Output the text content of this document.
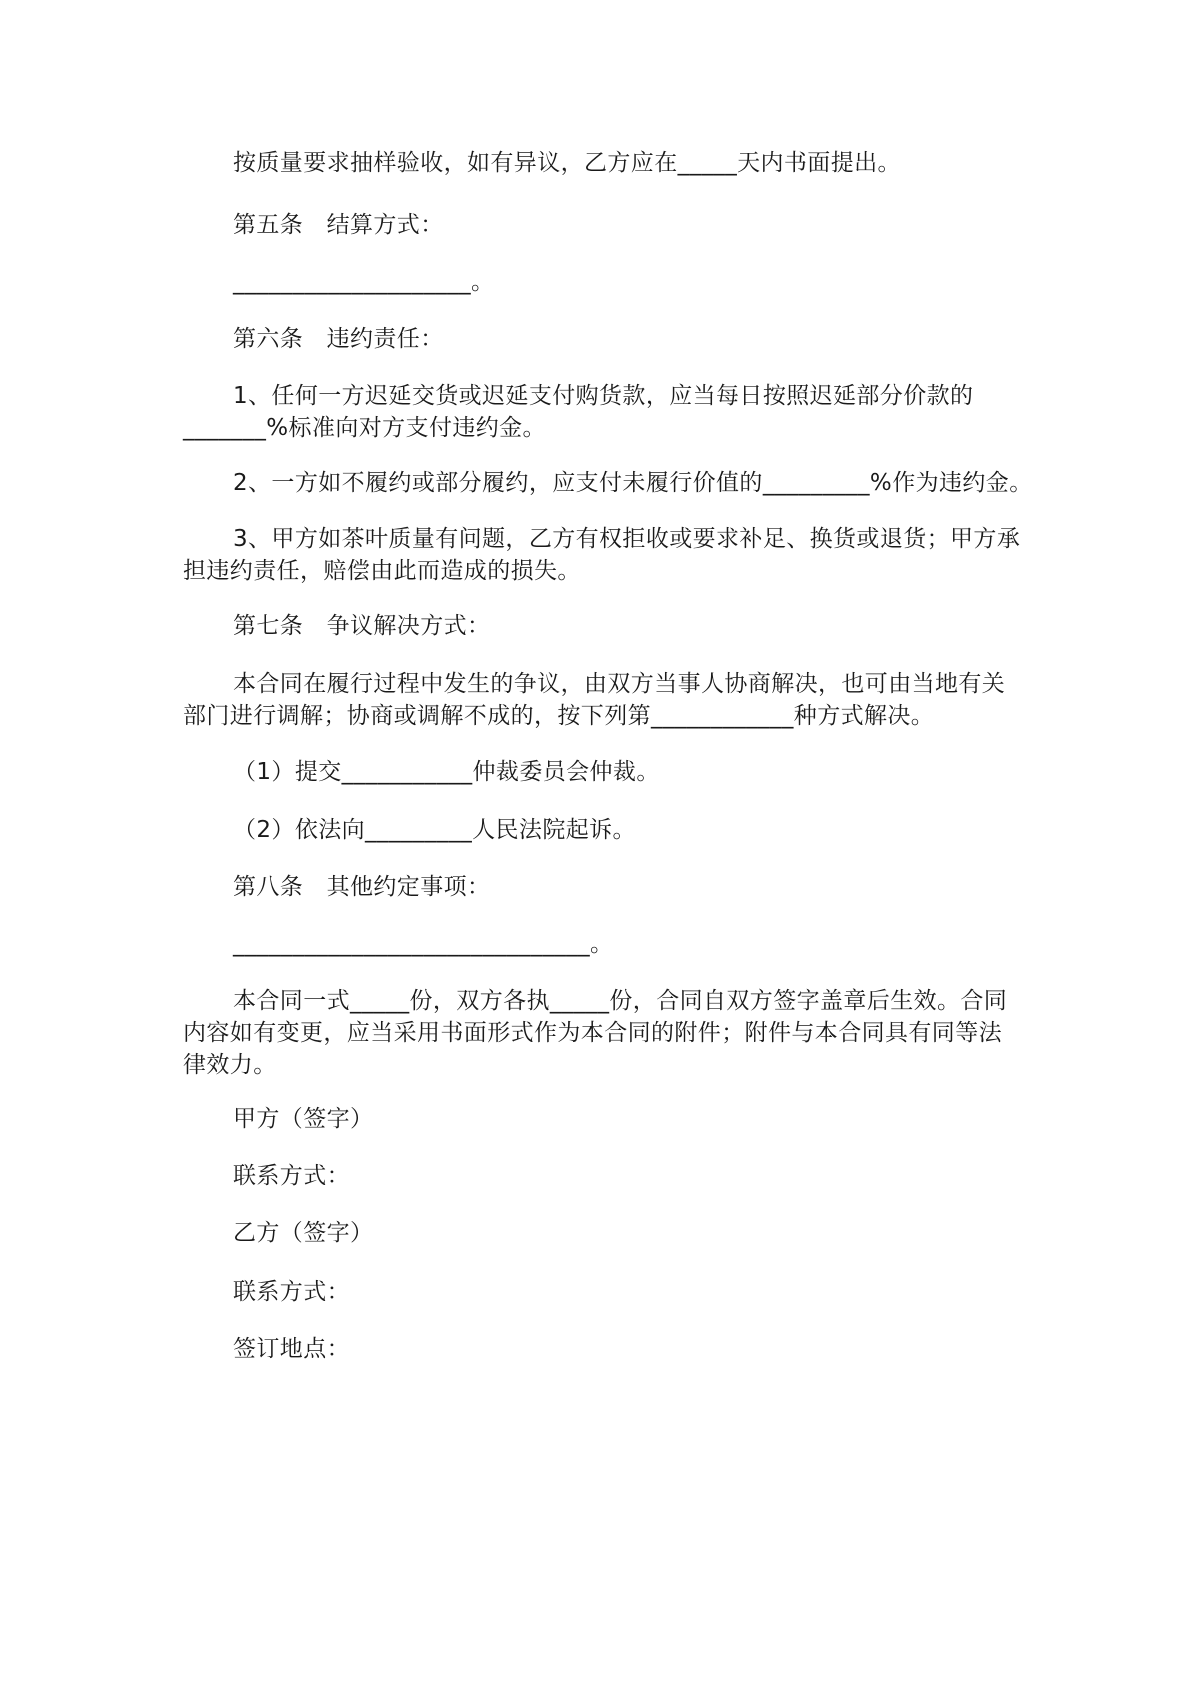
按质量要求抽样验收，如有异议，乙方应在_____天内书面提出。

第五条　结算方式：

____________________。

第六条　违约责任：

1、任何一方迟延交货或迟延支付购货款，应当每日按照迟延部分价款的_______%标准向对方支付违约金。

2、一方如不履约或部分履约，应支付未履行价值的_________%作为违约金。

3、甲方如茶叶质量有问题，乙方有权拒收或要求补足、换货或退货；甲方承担违约责任，赔偿由此而造成的损失。

第七条　争议解决方式：

本合同在履行过程中发生的争议，由双方当事人协商解决，也可由当地有关部门进行调解；协商或调解不成的，按下列第____________种方式解决。

（1）提交___________仲裁委员会仲裁。

（2）依法向_________人民法院起诉。

第八条　其他约定事项：

______________________________。

本合同一式_____份，双方各执_____份，合同自双方签字盖章后生效。合同内容如有变更，应当采用书面形式作为本合同的附件；附件与本合同具有同等法律效力。

甲方（签字）

联系方式：

乙方（签字）

联系方式：

签订地点：
